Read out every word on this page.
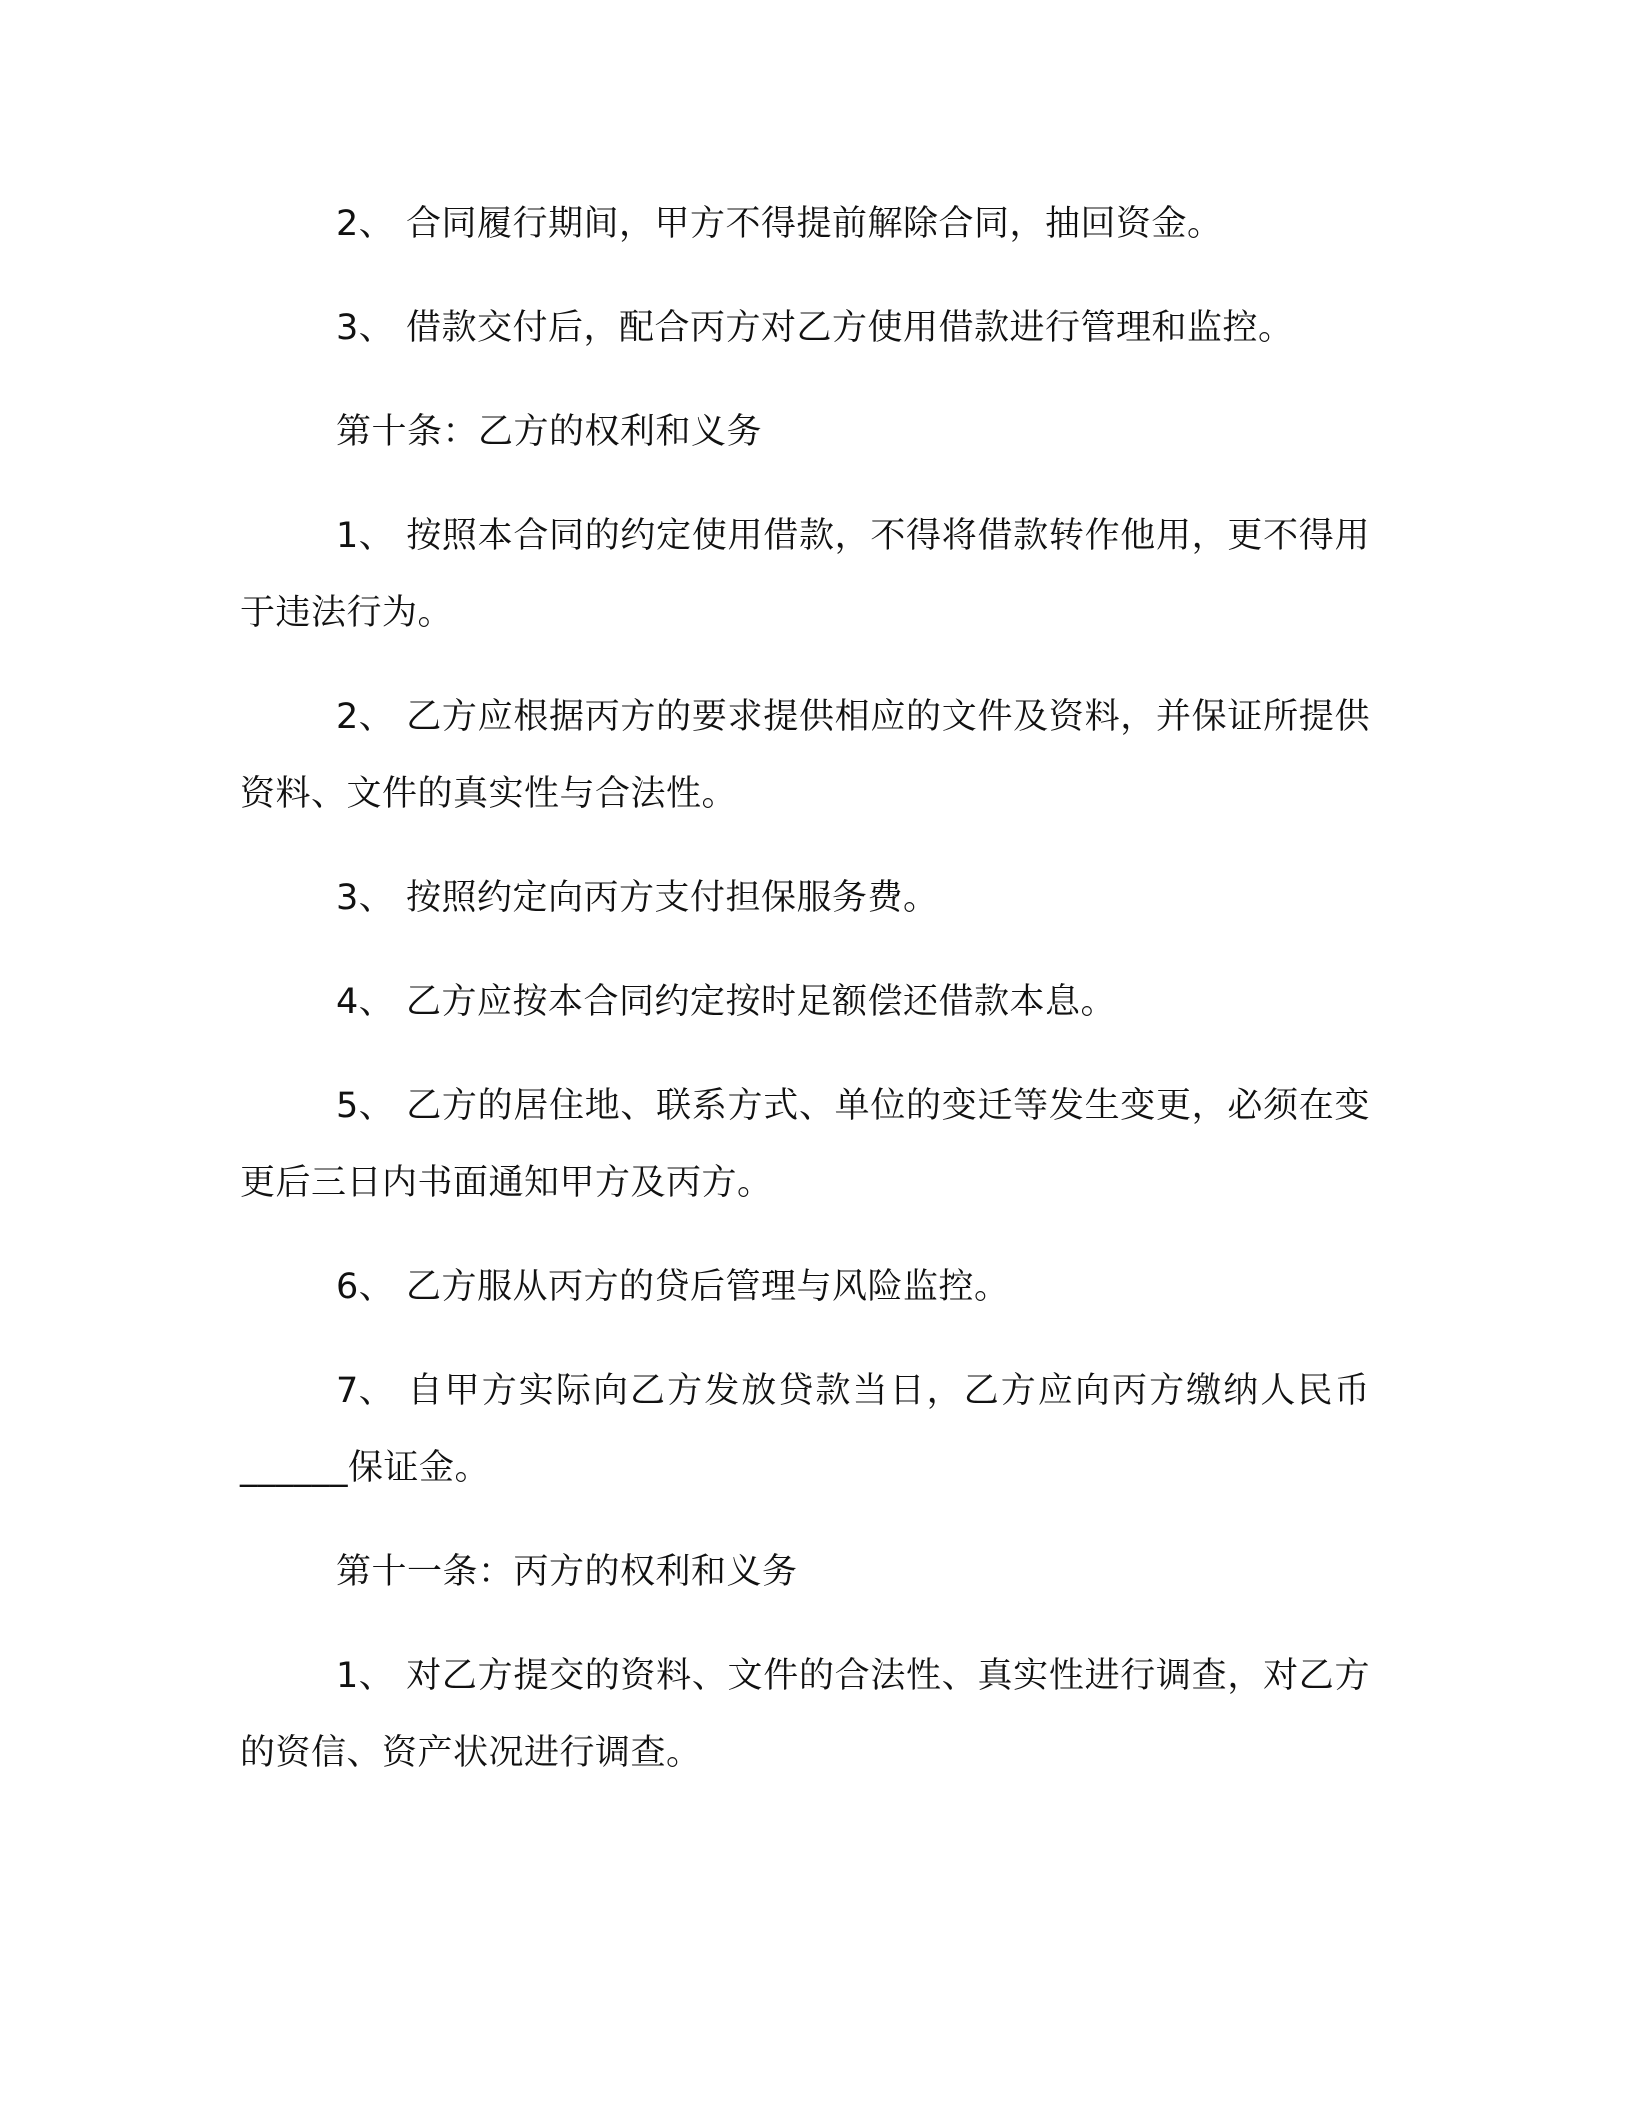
2、 合同履行期间，甲方不得提前解除合同，抽回资金。

3、 借款交付后，配合丙方对乙方使用借款进行管理和监控。

第十条：乙方的权利和义务

1、 按照本合同的约定使用借款，不得将借款转作他用，更不得用于违法行为。

2、 乙方应根据丙方的要求提供相应的文件及资料，并保证所提供资料、文件的真实性与合法性。

3、 按照约定向丙方支付担保服务费。

4、 乙方应按本合同约定按时足额偿还借款本息。

5、 乙方的居住地、联系方式、单位的变迁等发生变更，必须在变更后三日内书面通知甲方及丙方。

6、 乙方服从丙方的贷后管理与风险监控。

7、 自甲方实际向乙方发放贷款当日，乙方应向丙方缴纳人民币______保证金。

第十一条：丙方的权利和义务

1、 对乙方提交的资料、文件的合法性、真实性进行调查，对乙方的资信、资产状况进行调查。
